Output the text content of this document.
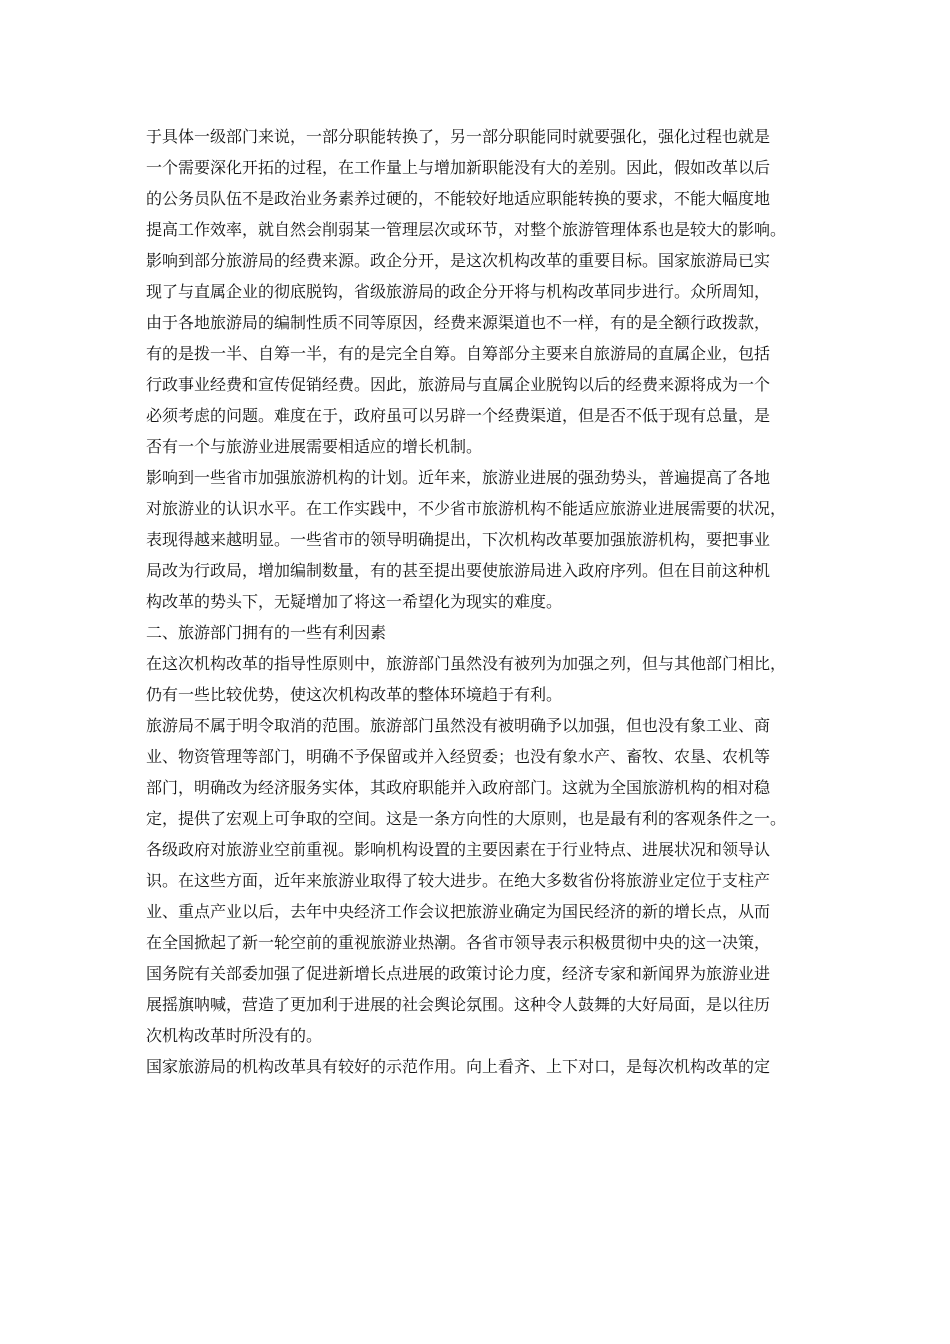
于具体一级部门来说，一部分职能转换了，另一部分职能同时就要强化，强化过程也就是
一个需要深化开拓的过程，在工作量上与增加新职能没有大的差别。因此，假如改革以后
的公务员队伍不是政治业务素养过硬的，不能较好地适应职能转换的要求，不能大幅度地
提高工作效率，就自然会削弱某一管理层次或环节，对整个旅游管理体系也是较大的影响。
影响到部分旅游局的经费来源。政企分开，是这次机构改革的重要目标。国家旅游局已实
现了与直属企业的彻底脱钩，省级旅游局的政企分开将与机构改革同步进行。众所周知，
由于各地旅游局的编制性质不同等原因，经费来源渠道也不一样，有的是全额行政拨款，
有的是拨一半、自筹一半，有的是完全自筹。自筹部分主要来自旅游局的直属企业，包括
行政事业经费和宣传促销经费。因此，旅游局与直属企业脱钩以后的经费来源将成为一个
必须考虑的问题。难度在于，政府虽可以另辟一个经费渠道，但是否不低于现有总量，是
否有一个与旅游业进展需要相适应的增长机制。
影响到一些省市加强旅游机构的计划。近年来，旅游业进展的强劲势头，普遍提高了各地
对旅游业的认识水平。在工作实践中，不少省市旅游机构不能适应旅游业进展需要的状况，
表现得越来越明显。一些省市的领导明确提出，下次机构改革要加强旅游机构，要把事业
局改为行政局，增加编制数量，有的甚至提出要使旅游局进入政府序列。但在目前这种机
构改革的势头下，无疑增加了将这一希望化为现实的难度。
二、旅游部门拥有的一些有利因素
在这次机构改革的指导性原则中，旅游部门虽然没有被列为加强之列，但与其他部门相比，
仍有一些比较优势，使这次机构改革的整体环境趋于有利。
旅游局不属于明令取消的范围。旅游部门虽然没有被明确予以加强，但也没有象工业、商
业、物资管理等部门，明确不予保留或并入经贸委；也没有象水产、畜牧、农垦、农机等
部门，明确改为经济服务实体，其政府职能并入政府部门。这就为全国旅游机构的相对稳
定，提供了宏观上可争取的空间。这是一条方向性的大原则，也是最有利的客观条件之一。
各级政府对旅游业空前重视。影响机构设置的主要因素在于行业特点、进展状况和领导认
识。在这些方面，近年来旅游业取得了较大进步。在绝大多数省份将旅游业定位于支柱产
业、重点产业以后，去年中央经济工作会议把旅游业确定为国民经济的新的增长点，从而
在全国掀起了新一轮空前的重视旅游业热潮。各省市领导表示积极贯彻中央的这一决策，
国务院有关部委加强了促进新增长点进展的政策讨论力度，经济专家和新闻界为旅游业进
展摇旗呐喊，营造了更加利于进展的社会舆论氛围。这种令人鼓舞的大好局面，是以往历
次机构改革时所没有的。
国家旅游局的机构改革具有较好的示范作用。向上看齐、上下对口，是每次机构改革的定
